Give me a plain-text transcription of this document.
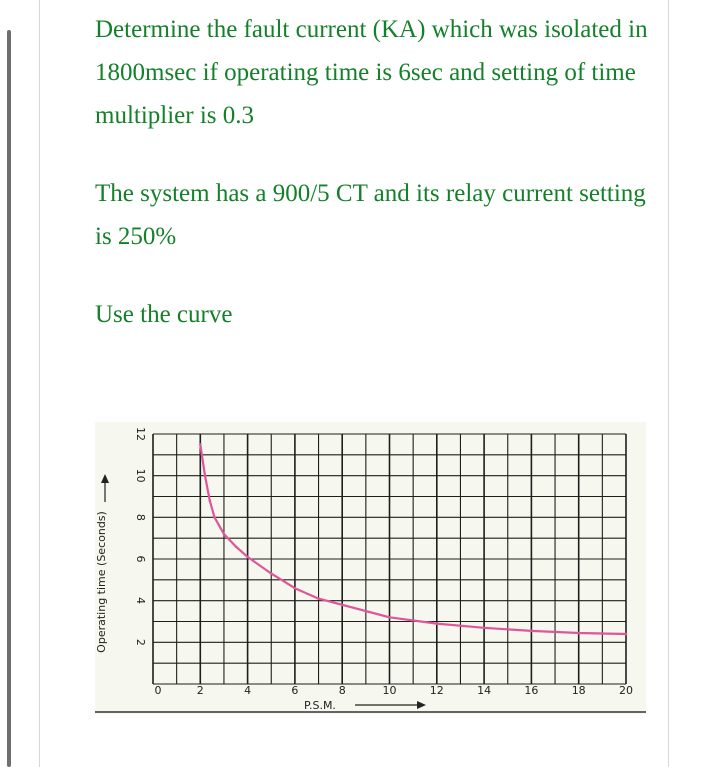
Determine the fault current (KA) which was isolated in 1800msec if operating time is 6sec and setting of time multiplier is 0.3

The system has a 900/5 CT and its relay current setting is 250%

Use the curve

0	2	4	6	8	10	12	14	16	18	20
2
4
6
8
10
12
P.S.M.
Operating time (Seconds)
